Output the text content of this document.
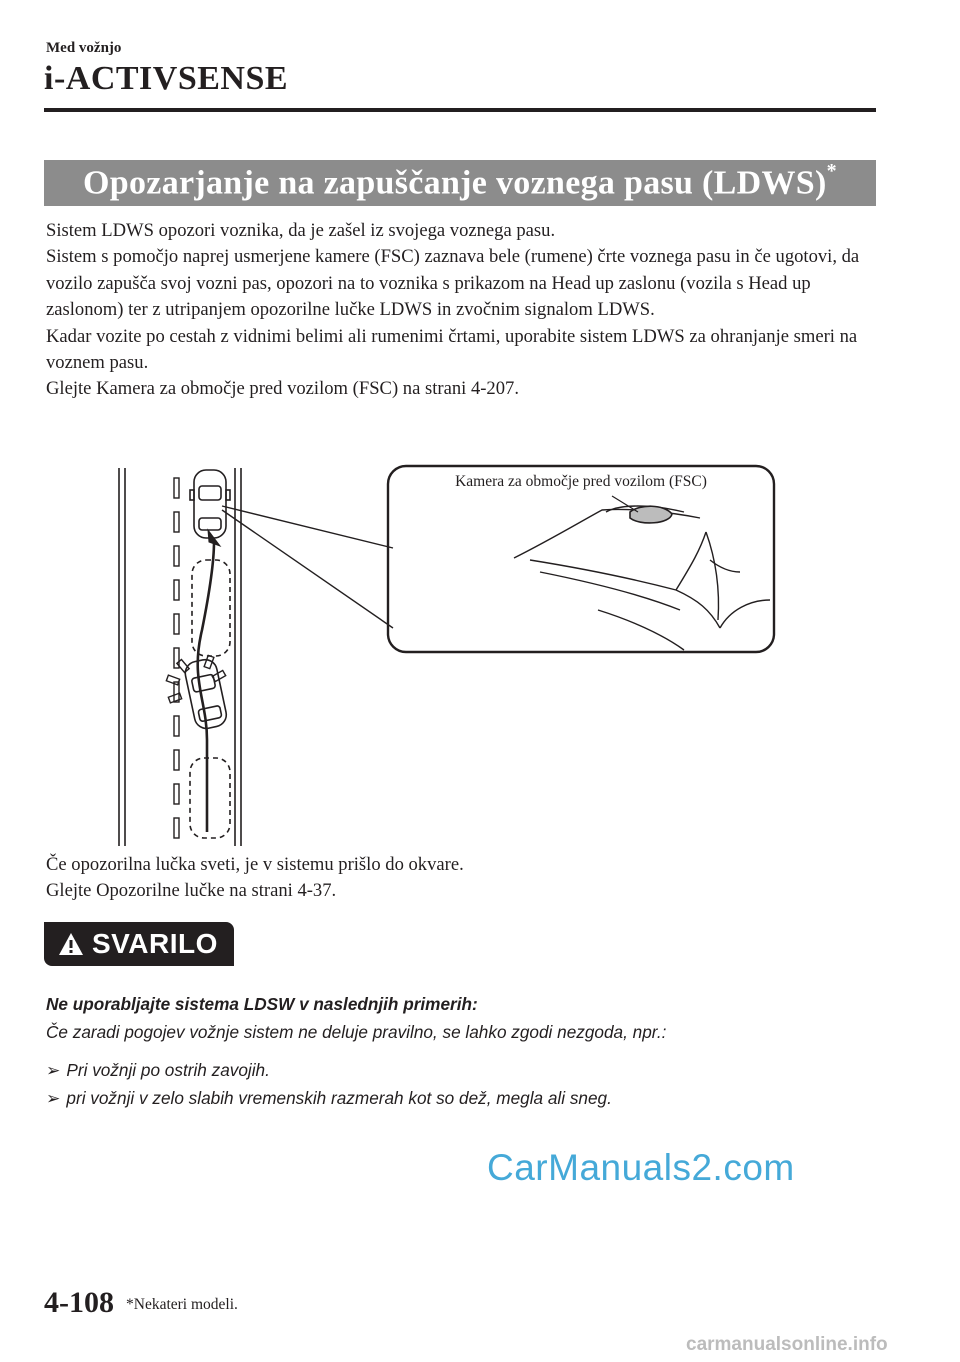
Med vožnjo
i-ACTIVSENSE
Opozarjanje na zapuščanje voznega pasu (LDWS)*

Sistem LDWS opozori voznika, da je zašel iz svojega voznega pasu.

Sistem s pomočjo naprej usmerjene kamere (FSC) zaznava bele (rumene) črte voznega pasu in če ugotovi, da vozilo zapušča svoj vozni pas, opozori na to voznika s prikazom na Head up zaslonu (vozila s Head up zaslonom) ter z utripanjem opozorilne lučke LDWS in zvočnim signalom LDWS.

Kadar vozite po cestah z vidnimi belimi ali rumenimi črtami, uporabite sistem LDWS za ohranjanje smeri na voznem pasu.

Glejte Kamera za območje pred vozilom (FSC) na strani 4-207.

Kamera za območje pred vozilom (FSC)

Če opozorilna lučka sveti, je v sistemu prišlo do okvare.

Glejte Opozorilne lučke na strani 4-37.

SVARILO

Ne uporabljajte sistema LDSW v naslednjih primerih:

Če zaradi pogojev vožnje sistem ne deluje pravilno, se lahko zgodi nezgoda, npr.:

➢ Pri vožnji po ostrih zavojih.
➢ pri vožnji v zelo slabih vremenskih razmerah kot so dež, megla ali sneg.
CarManuals2.com
4-108 *Nekateri modeli.
carmanualsonline.info
